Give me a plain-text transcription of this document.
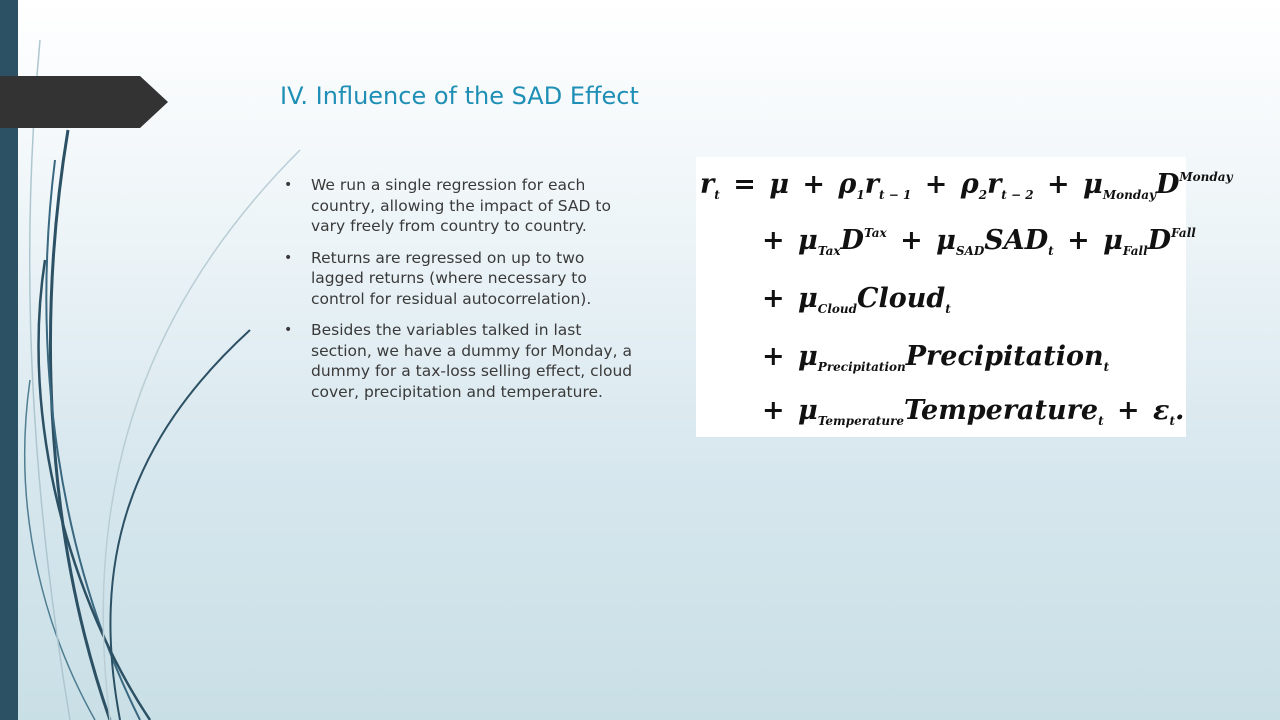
IV. Influence of the SAD Effect
• We run a single regression for each country, allowing the impact of SAD to vary freely from country to country.
• Returns are regressed on up to two lagged returns (where necessary to control for residual autocorrelation).
• Besides the variables talked in last section, we have a dummy for Monday, a dummy for a tax-loss selling effect, cloud cover, precipitation and temperature.
$r_t = \mu + \rho_1r_{t - 1} + \rho_2r_{t - 2} + \mu_{Monday}D^{Monday}$
+ $\mu_{Tax}D^{Tax} + \mu_{SAD}SAD_t + \mu_{Fall}D^{Fall}$
+ $\mu_{Cloud}Cloud_t$
+ $\mu_{Precipitation}Precipitation_t$
+ $\mu_{Temperature}Temperature_t + \varepsilon_t$.
